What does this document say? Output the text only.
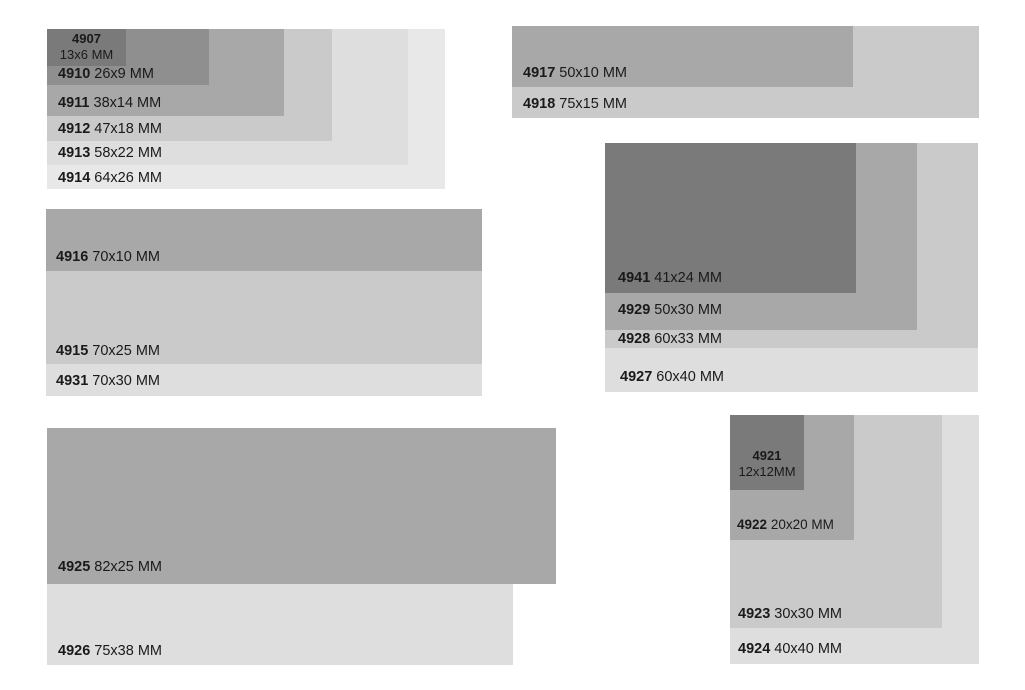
4907
13x6 MM
4910 26x9 MM
4911 38x14 MM
4912 47x18 MM
4913 58x22 MM
4914 64x26 MM
4917 50x10 MM
4918 75x15 MM
4916 70x10 MM
4915 70x25 MM
4931 70x30 MM
4941 41x24 MM
4929 50x30 MM
4928 60x33 MM
4927 60x40 MM
4925 82x25 MM
4926 75x38 MM
4921
12x12MM
4922 20x20 MM
4923 30x30 MM
4924 40x40 MM
